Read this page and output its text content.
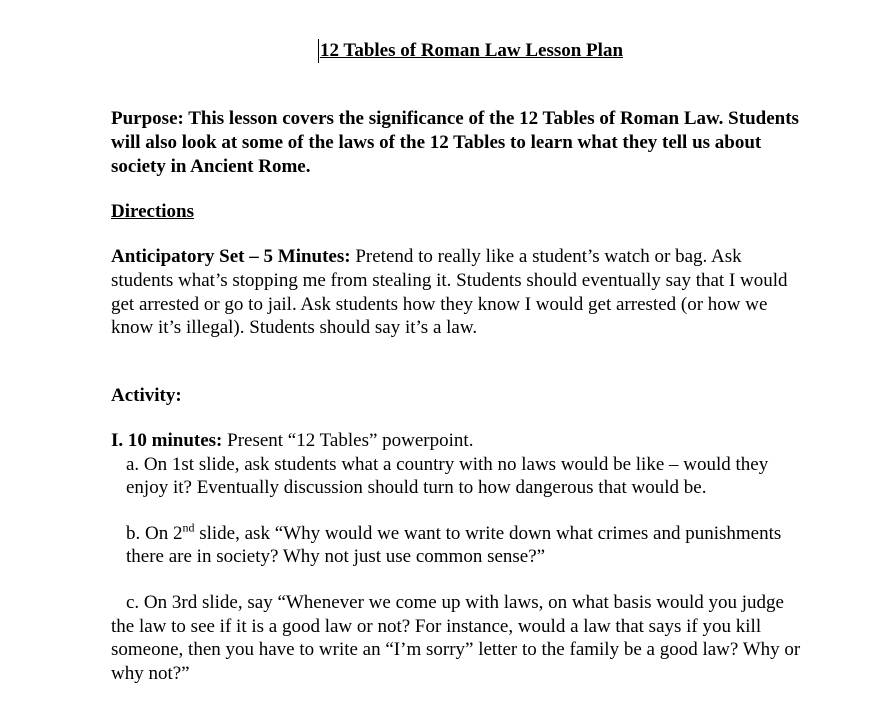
12 Tables of Roman Law Lesson Plan
Purpose: This lesson covers the significance of the 12 Tables of Roman Law. Students
will also look at some of the laws of the 12 Tables to learn what they tell us about
society in Ancient Rome.
Directions
Anticipatory Set – 5 Minutes: Pretend to really like a student’s watch or bag. Ask
students what’s stopping me from stealing it. Students should eventually say that I would
get arrested or go to jail. Ask students how they know I would get arrested (or how we
know it’s illegal). Students should say it’s a law.
Activity:
I. 10 minutes: Present “12 Tables” powerpoint.
a. On 1st slide, ask students what a country with no laws would be like – would they
enjoy it? Eventually discussion should turn to how dangerous that would be.
b. On 2nd slide, ask “Why would we want to write down what crimes and punishments
there are in society? Why not just use common sense?”
c. On 3rd slide, say “Whenever we come up with laws, on what basis would you judge
the law to see if it is a good law or not? For instance, would a law that says if you kill
someone, then you have to write an “I’m sorry” letter to the family be a good law? Why or
why not?”
